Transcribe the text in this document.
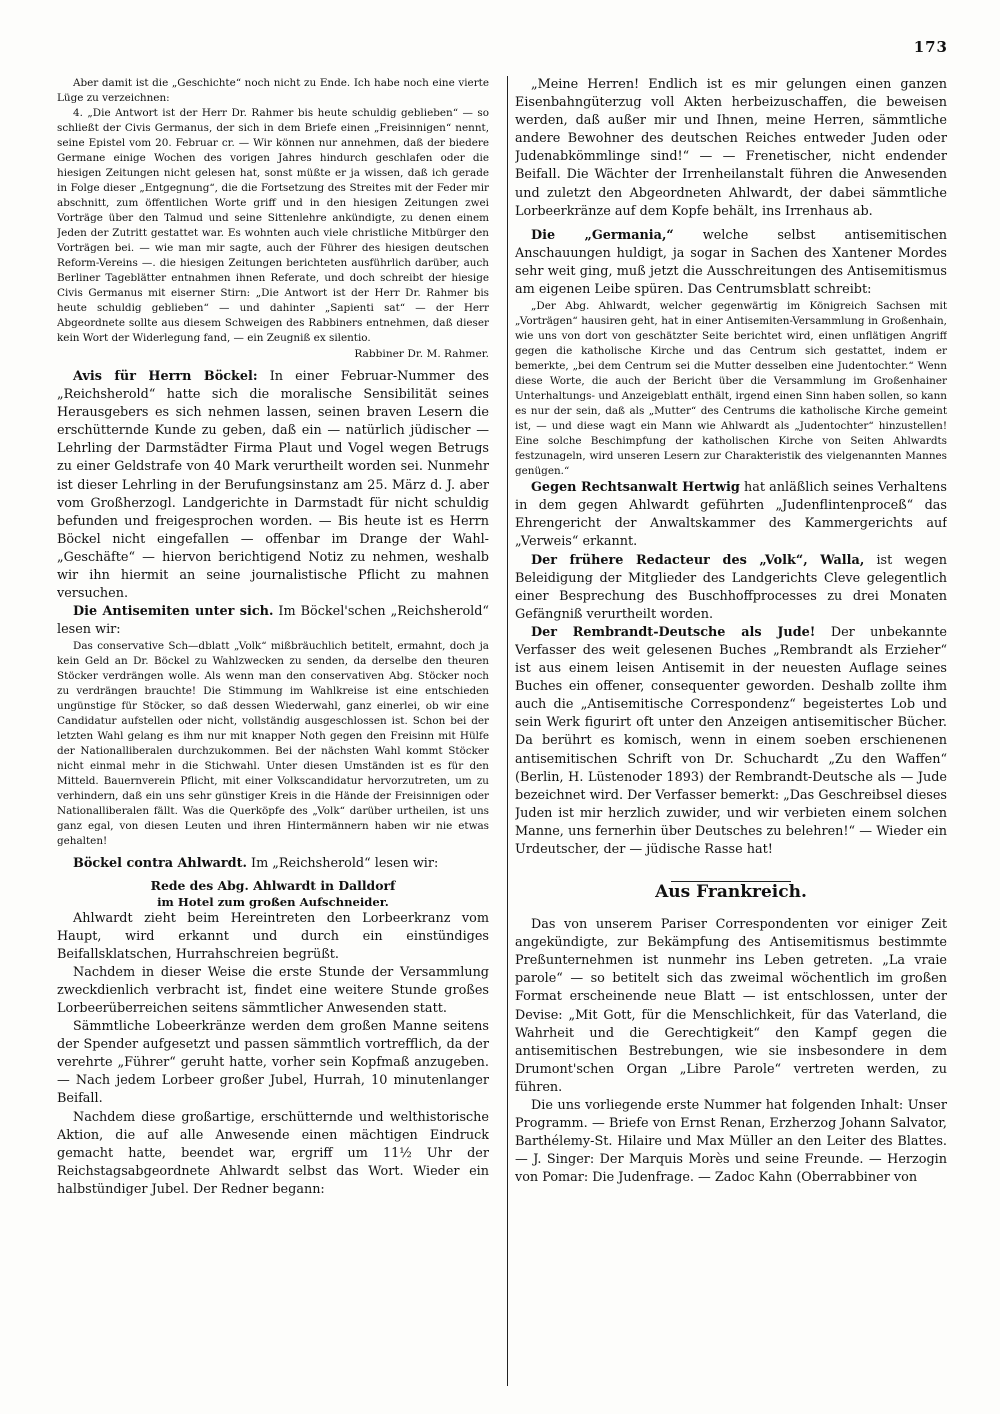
173

Aber damit ist die „Geschichte“ noch nicht zu Ende. Ich habe noch eine vierte Lüge zu verzeichnen:

4. „Die Antwort ist der Herr Dr. Rahmer bis heute schuldig geblieben“ — so schließt der Civis Germanus, der sich in dem Briefe einen „Freisinnigen“ nennt, seine Epistel vom 20. Februar cr. — Wir können nur annehmen, daß der biedere Germane einige Wochen des vorigen Jahres hindurch geschlafen oder die hiesigen Zeitungen nicht gelesen hat, sonst müßte er ja wissen, daß ich gerade in Folge dieser „Entgegnung“, die die Fortsetzung des Streites mit der Feder mir abschnitt, zum öffentlichen Worte griff und in den hiesigen Zeitungen zwei Vorträge über den Talmud und seine Sittenlehre ankündigte, zu denen einem Jeden der Zutritt gestattet war. Es wohnten auch viele christliche Mitbürger den Vorträgen bei. — wie man mir sagte, auch der Führer des hiesigen deutschen Reform-Vereins —. die hiesigen Zeitungen berichteten ausführlich darüber, auch Berliner Tageblätter entnahmen ihnen Referate, und doch schreibt der hiesige Civis Germanus mit eiserner Stirn: „Die Antwort ist der Herr Dr. Rahmer bis heute schuldig geblieben“ — und dahinter „Sapienti sat“ — der Herr Abgeordnete sollte aus diesem Schweigen des Rabbiners entnehmen, daß dieser kein Wort der Widerlegung fand, — ein Zeugniß ex silentio.

Rabbiner Dr. M. Rahmer.

Avis für Herrn Böckel: In einer Februar-Nummer des „Reichsherold“ hatte sich die moralische Sensibilität seines Herausgebers es sich nehmen lassen, seinen braven Lesern die erschütternde Kunde zu geben, daß ein — natürlich jüdischer — Lehrling der Darmstädter Firma Plaut und Vogel wegen Betrugs zu einer Geldstrafe von 40 Mark verurtheilt worden sei. Nunmehr ist dieser Lehrling in der Berufungsinstanz am 25. März d. J. aber vom Großherzogl. Landgerichte in Darmstadt für nicht schuldig befunden und freigesprochen worden. — Bis heute ist es Herrn Böckel nicht eingefallen — offenbar im Drange der Wahl-„Geschäfte“ — hiervon berichtigend Notiz zu nehmen, weshalb wir ihn hiermit an seine journalistische Pflicht zu mahnen versuchen.

Die Antisemiten unter sich. Im Böckel'schen „Reichsherold“ lesen wir:

Das conservative Sch—dblatt „Volk“ mißbräuchlich betitelt, ermahnt, doch ja kein Geld an Dr. Böckel zu Wahlzwecken zu senden, da derselbe den theuren Stöcker verdrängen wolle. Als wenn man den conservativen Abg. Stöcker noch zu verdrängen brauchte! Die Stimmung im Wahlkreise ist eine entschieden ungünstige für Stöcker, so daß dessen Wiederwahl, ganz einerlei, ob wir eine Candidatur aufstellen oder nicht, vollständig ausgeschlossen ist. Schon bei der letzten Wahl gelang es ihm nur mit knapper Noth gegen den Freisinn mit Hülfe der Nationalliberalen durchzukommen. Bei der nächsten Wahl kommt Stöcker nicht einmal mehr in die Stichwahl. Unter diesen Umständen ist es für den Mitteld. Bauernverein Pflicht, mit einer Volkscandidatur hervorzutreten, um zu verhindern, daß ein uns sehr günstiger Kreis in die Hände der Freisinnigen oder Nationalliberalen fällt. Was die Querköpfe des „Volk“ darüber urtheilen, ist uns ganz egal, von diesen Leuten und ihren Hintermännern haben wir nie etwas gehalten!

Böckel contra Ahlwardt. Im „Reichsherold“ lesen wir:

Rede des Abg. Ahlwardt in Dalldorf

im Hotel zum großen Aufschneider.

Ahlwardt zieht beim Hereintreten den Lorbeerkranz vom Haupt, wird erkannt und durch ein einstündiges Beifallsklatschen, Hurrahschreien begrüßt.

Nachdem in dieser Weise die erste Stunde der Versammlung zweckdienlich verbracht ist, findet eine weitere Stunde großes Lorbeerüberreichen seitens sämmtlicher Anwesenden statt.

Sämmtliche Lobeerkränze werden dem großen Manne seitens der Spender aufgesetzt und passen sämmtlich vortrefflich, da der verehrte „Führer“ geruht hatte, vorher sein Kopfmaß anzugeben. — Nach jedem Lorbeer großer Jubel, Hurrah, 10 minutenlanger Beifall.

Nachdem diese großartige, erschütternde und welthistorische Aktion, die auf alle Anwesende einen mächtigen Eindruck gemacht hatte, beendet war, ergriff um 11½ Uhr der Reichstagsabgeordnete Ahlwardt selbst das Wort. Wieder ein halbstündiger Jubel. Der Redner begann:

„Meine Herren! Endlich ist es mir gelungen einen ganzen Eisenbahngüterzug voll Akten herbeizuschaffen, die beweisen werden, daß außer mir und Ihnen, meine Herren, sämmtliche andere Bewohner des deutschen Reiches entweder Juden oder Judenabkömmlinge sind!“ — — Frenetischer, nicht endender Beifall. Die Wächter der Irrenheilanstalt führen die Anwesenden und zuletzt den Abgeordneten Ahlwardt, der dabei sämmtliche Lorbeerkränze auf dem Kopfe behält, ins Irrenhaus ab.

Die „Germania,“ welche selbst antisemitischen Anschauungen huldigt, ja sogar in Sachen des Xantener Mordes sehr weit ging, muß jetzt die Ausschreitungen des Antisemitismus am eigenen Leibe spüren. Das Centrumsblatt schreibt:

„Der Abg. Ahlwardt, welcher gegenwärtig im Königreich Sachsen mit „Vorträgen“ hausiren geht, hat in einer Antisemiten-Versammlung in Großenhain, wie uns von dort von geschätzter Seite berichtet wird, einen unflätigen Angriff gegen die katholische Kirche und das Centrum sich gestattet, indem er bemerkte, „bei dem Centrum sei die Mutter desselben eine Judentochter.“ Wenn diese Worte, die auch der Bericht über die Versammlung im Großenhainer Unterhaltungs- und Anzeigeblatt enthält, irgend einen Sinn haben sollen, so kann es nur der sein, daß als „Mutter“ des Centrums die katholische Kirche gemeint ist, — und diese wagt ein Mann wie Ahlwardt als „Judentochter“ hinzustellen! Eine solche Beschimpfung der katholischen Kirche von Seiten Ahlwardts festzunageln, wird unseren Lesern zur Charakteristik des vielgenannten Mannes genügen.“

Gegen Rechtsanwalt Hertwig hat anläßlich seines Verhaltens in dem gegen Ahlwardt geführten „Judenflintenproceß“ das Ehrengericht der Anwaltskammer des Kammergerichts auf „Verweis“ erkannt.

Der frühere Redacteur des „Volk“, Walla, ist wegen Beleidigung der Mitglieder des Landgerichts Cleve gelegentlich einer Besprechung des Buschhoffprocesses zu drei Monaten Gefängniß verurtheilt worden.

Der Rembrandt-Deutsche als Jude! Der unbekannte Verfasser des weit gelesenen Buches „Rembrandt als Erzieher“ ist aus einem leisen Antisemit in der neuesten Auflage seines Buches ein offener, consequenter geworden. Deshalb zollte ihm auch die „Antisemitische Correspondenz“ begeistertes Lob und sein Werk figurirt oft unter den Anzeigen antisemitischer Bücher. Da berührt es komisch, wenn in einem soeben erschienenen antisemitischen Schrift von Dr. Schuchardt „Zu den Waffen“ (Berlin, H. Lüstenoder 1893) der Rembrandt-Deutsche als — Jude bezeichnet wird. Der Verfasser bemerkt: „Das Geschreibsel dieses Juden ist mir herzlich zuwider, und wir verbieten einem solchen Manne, uns fernerhin über Deutsches zu belehren!“ — Wieder ein Urdeutscher, der — jüdische Rasse hat!

Aus Frankreich.

Das von unserem Pariser Correspondenten vor einiger Zeit angekündigte, zur Bekämpfung des Antisemitismus bestimmte Preßunternehmen ist nunmehr ins Leben getreten. „La vraie parole“ — so betitelt sich das zweimal wöchentlich im großen Format erscheinende neue Blatt — ist entschlossen, unter der Devise: „Mit Gott, für die Menschlichkeit, für das Vaterland, die Wahrheit und die Gerechtigkeit“ den Kampf gegen die antisemitischen Bestrebungen, wie sie insbesondere in dem Drumont'schen Organ „Libre Parole“ vertreten werden, zu führen.

Die uns vorliegende erste Nummer hat folgenden Inhalt: Unser Programm. — Briefe von Ernst Renan, Erzherzog Johann Salvator, Barthélemy-St. Hilaire und Max Müller an den Leiter des Blattes. — J. Singer: Der Marquis Morès und seine Freunde. — Herzogin von Pomar: Die Judenfrage. — Zadoc Kahn (Oberrabbiner von
